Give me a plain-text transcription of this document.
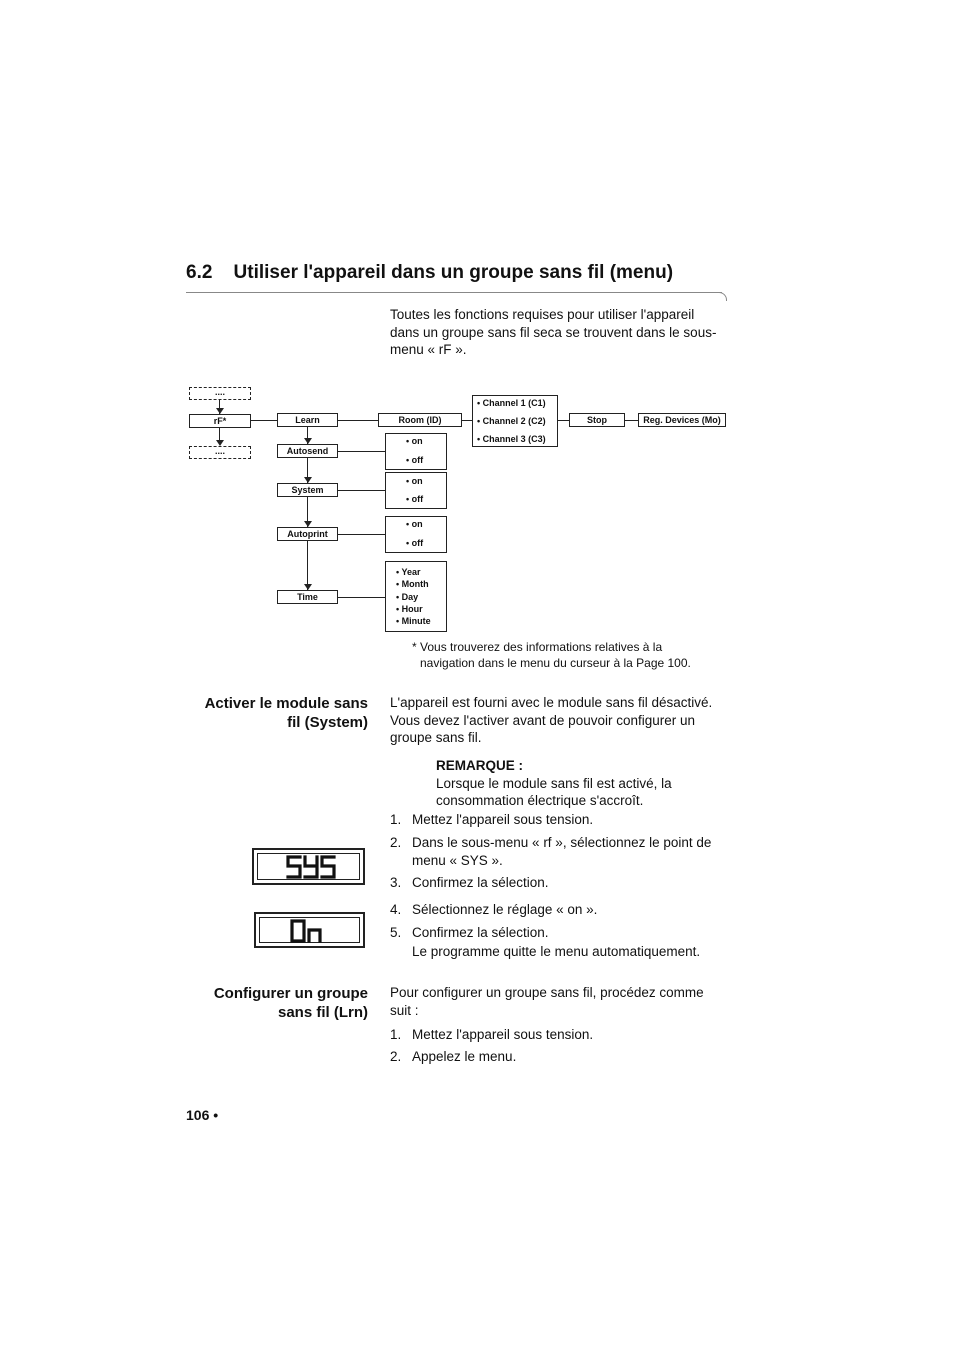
6.2 Utiliser l'appareil dans un groupe sans fil (menu)
Toutes les fonctions requises pour utiliser l'appareil
dans un groupe sans fil seca se trouvent dans le sous-
menu « rF ».
....
....
rF*	Learn
Autosend
System
Autoprint
Time
Room (ID)
• Channel 1 (C1)
• Channel 2 (C2)
• Channel 3 (C3)
Stop	Reg. Devices (Mo)
• on
• off
• on
• off
• on
• off
• Year
• Month
• Day
• Hour
• Minute
* Vous trouverez des informations relatives à la
navigation dans le menu du curseur à la Page 100.
Activer le module sans
fil (System)
L'appareil est fourni avec le module sans fil désactivé.
Vous devez l'activer avant de pouvoir configurer un
groupe sans fil.
REMARQUE :
Lorsque le module sans fil est activé, la
consommation électrique s'accroît.
1. Mettez l'appareil sous tension.
2. Dans le sous-menu « rf », sélectionnez le point de
menu « SYS ».
3. Confirmez la sélection.
4. Sélectionnez le réglage « on ».
5. Confirmez la sélection.
Le programme quitte le menu automatiquement.
Configurer un groupe
sans fil (Lrn)
Pour configurer un groupe sans fil, procédez comme
suit :
1. Mettez l'appareil sous tension.
2. Appelez le menu.
106 •
